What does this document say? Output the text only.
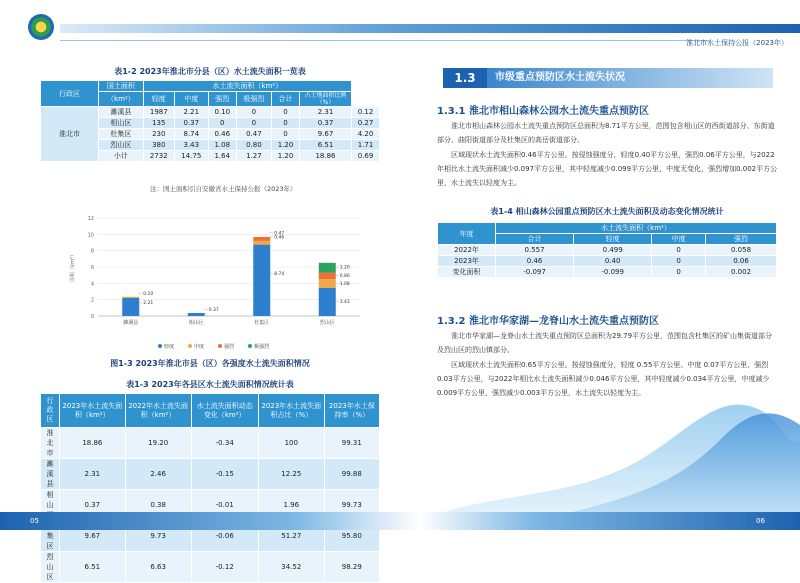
淮北市水土保持公报（2023年）
表1-2 2023年淮北市分县（区）水土流失面积一览表
行政区	国土面积	水土流失面积（km²）						
	（km²）	轻度	中度	强烈	极强烈	合计	占土地面积比例（%）	
淮北市	濉溪县	1987	2.21	0.10	0	0	2.31	0.12
	相山区	135	0.37	0	0	0	0.37	0.27
	杜集区	230	8.74	0.46	0.47	0	9.67	4.20
	烈山区	380	3.43	1.08	0.80	1.20	6.51	1.71
	小计	2732	14.75	1.64	1.27	1.20	18.86	0.69
注：国土面积引自安徽省水土保持公报（2023年）
0
2
4
6
8
10
12
面积（km²）
濉溪县
2.21
0.10
相山区
0.37
杜集区
8.74
0.46
0.47
烈山区
3.43
1.08
0.80
1.20
轻度	中度	强烈	极强烈
图1-3 2023年淮北市县（区）各强度水土流失面积情况
表1-3 2023年各县区水土流失面积情况统计表
行政区	2023年水土流失面积（km²）	2022年水土流失面积（km²）	水土流失面积动态变化（km²）	2023年水土流失面积占比（%）	2023年水土保持率（%）
淮北市	18.86	19.20	-0.34	100	99.31
濉溪县	2.31	2.46	-0.15	12.25	99.88
相山	0.37	0.38	-0.01	1.96	99.73
集区	9.67	9.73	-0.06	51.27	95.80
烈山区	6.51	6.63	-0.12	34.52	98.29
1.3	市级重点预防区水土流失状况
1.3.1 淮北市相山森林公园水土流失重点预防区
淮北市相山森林公园水土流失重点预防区总面积为8.71平方公里，范围包含相山区的西街道部分、东街道部分、曲阳街道部分及杜集区的高岳街道部分。
区域现状水土流失面积0.46平方公里。按侵蚀强度分，轻度0.40平方公里，强烈0.06平方公里，与2022年相比水土流失面积减少0.097平方公里，其中轻度减少0.099平方公里，中度无变化，强烈增加0.002平方公里，水土流失以轻度为主。
表1-4 相山森林公园重点预防区水土流失面积及动态变化情况统计
年度	水土流失面积（km²）			
	合计	轻度	中度	强烈
2022年	0.557	0.499	0	0.058
2023年	0.46	0.40	0	0.06
变化面积	-0.097	-0.099	0	0.002
1.3.2 淮北市华家湖—龙脊山水土流失重点预防区
淮北市华家湖—龙脊山水土流失重点预防区总面积为29.79平方公里，范围包含杜集区的矿山集街道部分及烈山区的烈山镇部分。
区域现状水土流失面积0.65平方公里。按侵蚀强度分，轻度 0.55平方公里、中度 0.07平方公里、强烈0.03平方公里，与2022年相比水土流失面积减少0.046平方公里，其中轻度减少0.034平方公里，中度减少0.009平方公里，强烈减少0.003平方公里，水土流失以轻度为主。
05	06
